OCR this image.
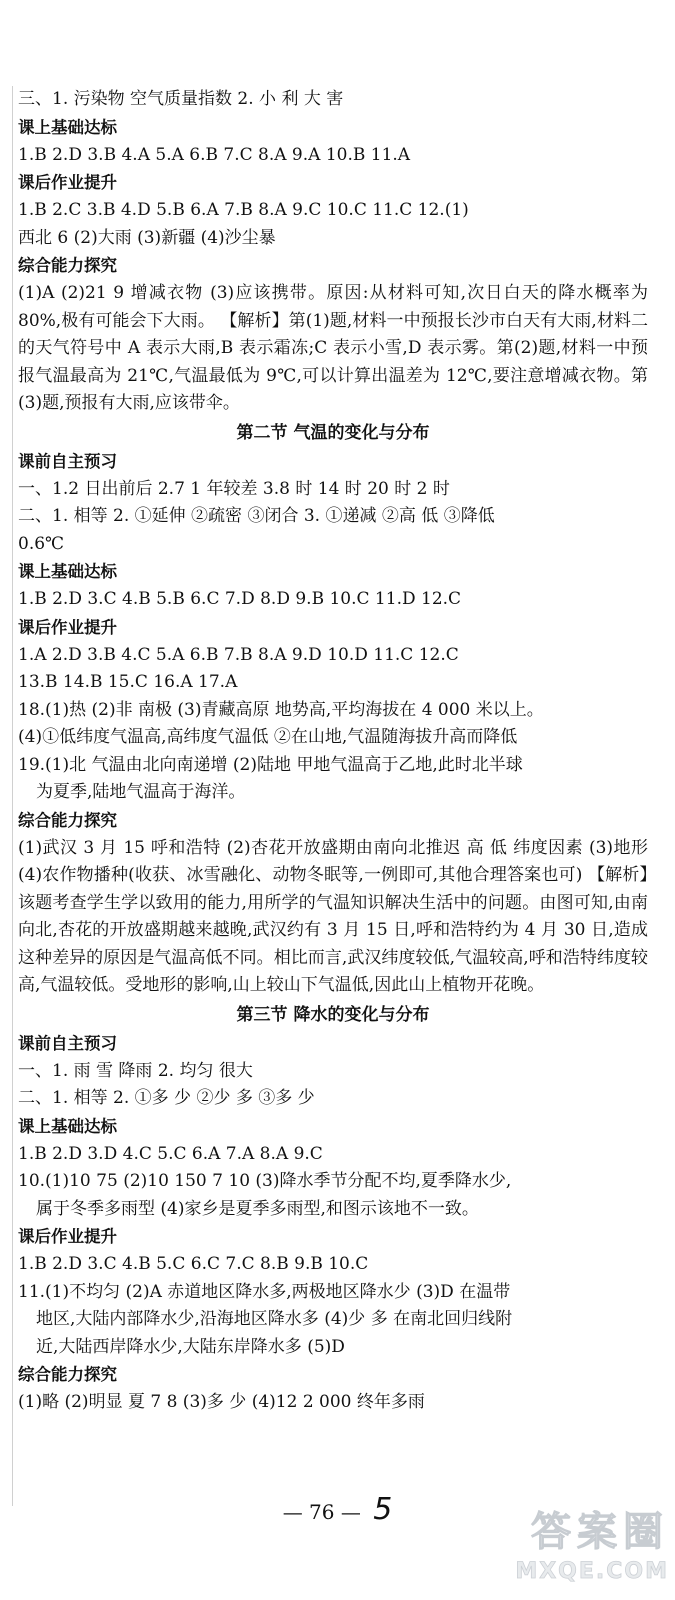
三、1. 污染物 空气质量指数 2. 小 利 大 害
课上基础达标
1.B 2.D 3.B 4.A 5.A 6.B 7.C 8.A 9.A 10.B 11.A
课后作业提升
1.B 2.C 3.B 4.D 5.B 6.A 7.B 8.A 9.C 10.C 11.C 12.(1)
西北 6 (2)大雨 (3)新疆 (4)沙尘暴
综合能力探究
(1)A (2)21 9 增减衣物 (3)应该携带。原因:从材料可知,次日白天的降水概率为 80%,极有可能会下大雨。 【解析】第(1)题,材料一中预报长沙市白天有大雨,材料二的天气符号中 A 表示大雨,B 表示霜冻;C 表示小雪,D 表示雾。第(2)题,材料一中预报气温最高为 21℃,气温最低为 9℃,可以计算出温差为 12℃,要注意增减衣物。第(3)题,预报有大雨,应该带伞。
第二节 气温的变化与分布
课前自主预习
一、1.2 日出前后 2.7 1 年较差 3.8 时 14 时 20 时 2 时
二、1. 相等 2. ①延伸 ②疏密 ③闭合 3. ①递减 ②高 低 ③降低
0.6℃
课上基础达标
1.B 2.D 3.C 4.B 5.B 6.C 7.D 8.D 9.B 10.C 11.D 12.C
课后作业提升
1.A 2.D 3.B 4.C 5.A 6.B 7.B 8.A 9.D 10.D 11.C 12.C
13.B 14.B 15.C 16.A 17.A
18.(1)热 (2)非 南极 (3)青藏高原 地势高,平均海拔在 4 000 米以上。
(4)①低纬度气温高,高纬度气温低 ②在山地,气温随海拔升高而降低
19.(1)北 气温由北向南递增 (2)陆地 甲地气温高于乙地,此时北半球
为夏季,陆地气温高于海洋。
综合能力探究
(1)武汉 3 月 15 呼和浩特 (2)杏花开放盛期由南向北推迟 高 低 纬度因素 (3)地形 (4)农作物播种(收获、冰雪融化、动物冬眠等,一例即可,其他合理答案也可) 【解析】该题考查学生学以致用的能力,用所学的气温知识解决生活中的问题。由图可知,由南向北,杏花的开放盛期越来越晚,武汉约有 3 月 15 日,呼和浩特约为 4 月 30 日,造成这种差异的原因是气温高低不同。相比而言,武汉纬度较低,气温较高,呼和浩特纬度较高,气温较低。受地形的影响,山上较山下气温低,因此山上植物开花晚。
第三节 降水的变化与分布
课前自主预习
一、1. 雨 雪 降雨 2. 均匀 很大
二、1. 相等 2. ①多 少 ②少 多 ③多 少
课上基础达标
1.B 2.D 3.D 4.C 5.C 6.A 7.A 8.A 9.C
10.(1)10 75 (2)10 150 7 10 (3)降水季节分配不均,夏季降水少,
属于冬季多雨型 (4)家乡是夏季多雨型,和图示该地不一致。
课后作业提升
1.B 2.D 3.C 4.B 5.C 6.C 7.C 8.B 9.B 10.C
11.(1)不均匀 (2)A 赤道地区降水多,两极地区降水少 (3)D 在温带
地区,大陆内部降水少,沿海地区降水多 (4)少 多 在南北回归线附
近,大陆西岸降水少,大陆东岸降水多 (5)D
综合能力探究
(1)略 (2)明显 夏 7 8 (3)多 少 (4)12 2 000 终年多雨
— 76 — 5	答案圈
MXQE.COM
